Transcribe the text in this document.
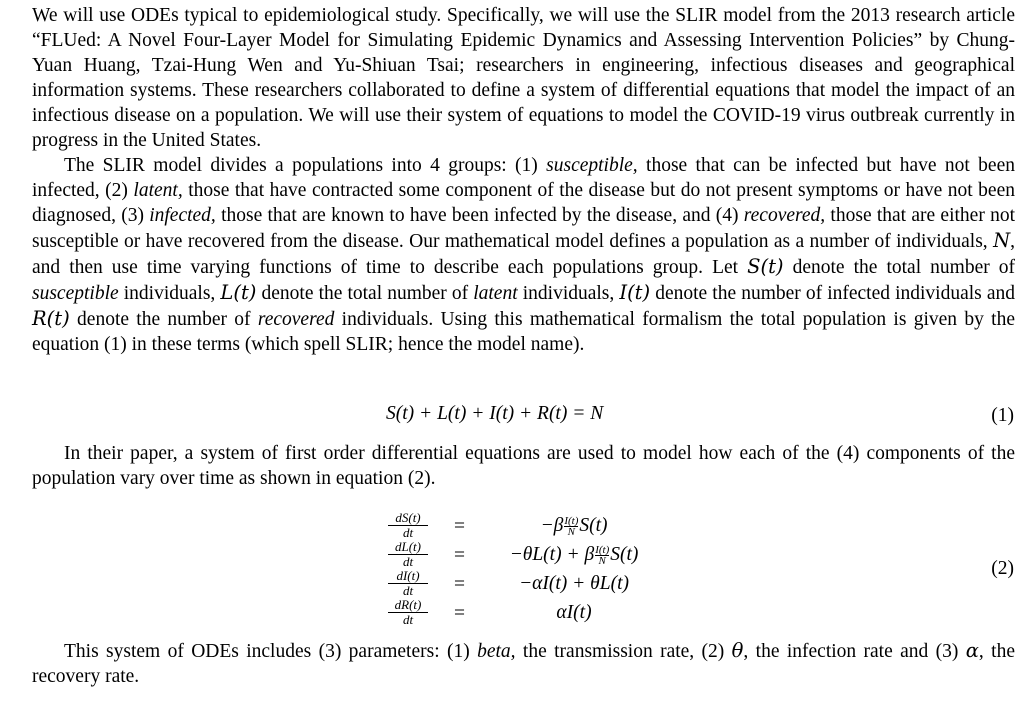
We will use ODEs typical to epidemiological study. Specifically, we will use the SLIR model from the 2013 research article “FLUed: A Novel Four-Layer Model for Simulating Epidemic Dynamics and Assessing Intervention Policies” by Chung-Yuan Huang, Tzai-Hung Wen and Yu-Shiuan Tsai; researchers in engineering, infectious diseases and geographical information systems. These researchers collaborated to define a system of differential equations that model the impact of an infectious disease on a population. We will use their system of equations to model the COVID-19 virus outbreak currently in progress in the United States.

The SLIR model divides a populations into 4 groups: (1) susceptible, those that can be infected but have not been infected, (2) latent, those that have contracted some component of the disease but do not present symptoms or have not been diagnosed, (3) infected, those that are known to have been infected by the disease, and (4) recovered, those that are either not susceptible or have recovered from the disease. Our mathematical model defines a population as a number of individuals, N, and then use time varying functions of time to describe each populations group. Let S(t) denote the total number of susceptible individuals, L(t) denote the total number of latent individuals, I(t) denote the number of infected individuals and R(t) denote the number of recovered individuals. Using this mathematical formalism the total population is given by the equation (1) in these terms (which spell SLIR; hence the model name).

S(t) + L(t) + I(t) + R(t) = N	(1)

In their paper, a system of first order differential equations are used to model how each of the (4) components of the population vary over time as shown in equation (2).

$\frac{dS(t)}{dt}$ =	$-\beta \frac{I(t)}{N} S(t)$
$\frac{dL(t)}{dt}$ =	−θL(t) + β $\frac{I(t)}{N} S(t)$
$\frac{dI(t)}{dt}$ =	−αI(t) + θL(t)
$\frac{dR(t)}{dt}$ =	αI(t)
(2)

This system of ODEs includes (3) parameters: (1) beta, the transmission rate, (2) θ, the infection rate and (3) α, the recovery rate.
